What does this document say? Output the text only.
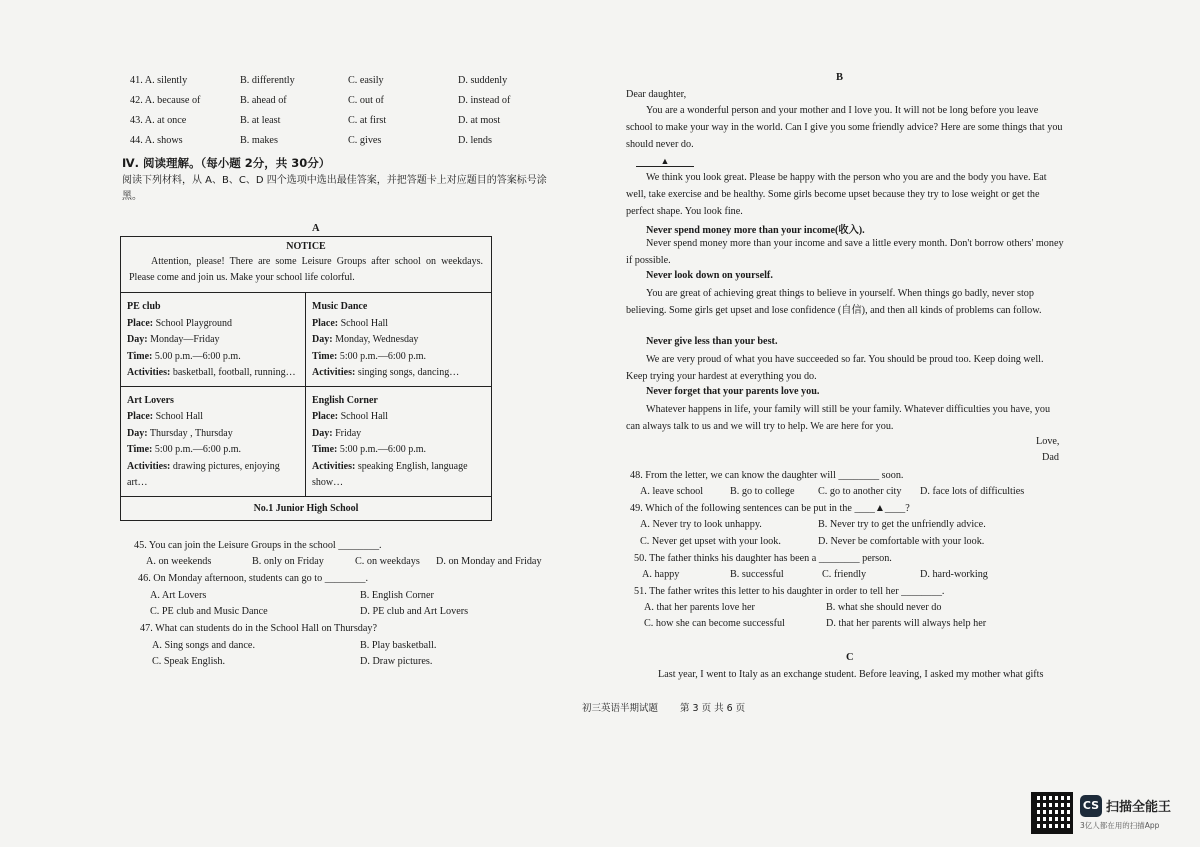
41. A. silently	B. differently	C. easily	D. suddenly
42. A. because of	B. ahead of	C. out of	D. instead of
43. A. at once	B. at least	C. at first	D. at most
44. A. shows	B. makes	C. gives	D. lends
Ⅳ. 阅读理解。（每小题 2分，共 30分）
阅读下列材料，从 A、B、C、D 四个选项中选出最佳答案，并把答题卡上对应题目的答案标号涂黑。
A
NOTICE
Attention, please! There are some Leisure Groups after school on weekdays. Please come and join us. Make your school life colorful.
PE club
Place: School Playground
Day: Monday—Friday
Time: 5.00 p.m.—6:00 p.m.
Activities: basketball, football, running…
Music Dance
Place: School Hall
Day: Monday, Wednesday
Time: 5:00 p.m.—6:00 p.m.
Activities: singing songs, dancing…
Art Lovers
Place: School Hall
Day: Thursday , Thursday
Time: 5:00 p.m.—6:00 p.m.
Activities: drawing pictures, enjoying art…
English Corner
Place: School Hall
Day: Friday
Time: 5:00 p.m.—6:00 p.m.
Activities: speaking English, language show…
No.1 Junior High School
45. You can join the Leisure Groups in the school ________.
A. on weekends	B. only on Friday	C. on weekdays D. on Monday and Friday
46. On Monday afternoon, students can go to ________.
A. Art Lovers	B. English Corner
C. PE club and Music Dance	D. PE club and Art Lovers
47. What can students do in the School Hall on Thursday?
A. Sing songs and dance.	B. Play basketball.
C. Speak English.	D. Draw pictures.
B
Dear daughter,
You are a wonderful person and your mother and I love you. It will not be long before you leave school to make your way in the world. Can I give you some friendly advice? Here are some things that you should never do.
▲
We think you look great. Please be happy with the person who you are and the body you have. Eat well, take exercise and be healthy. Some girls become upset because they try to lose weight or get the perfect shape. You look fine.
Never spend money more than your income(收入).
Never spend money more than your income and save a little every month. Don't borrow others' money if possible.
Never look down on yourself.
You are great of achieving great things to believe in yourself. When things go badly, never stop believing. Some girls get upset and lose confidence (自信), and then all kinds of problems can follow.
Never give less than your best.
We are very proud of what you have succeeded so far. You should be proud too. Keep doing well. Keep trying your hardest at everything you do.
Never forget that your parents love you.
Whatever happens in life, your family will still be your family. Whatever difficulties you have, you can always talk to us and we will try to help. We are here for you.
Love,
Dad
48. From the letter, we can know the daughter will ________ soon.
A. leave school	B. go to college C. go to another city D. face lots of difficulties
49. Which of the following sentences can be put in the ____▲____?
A. Never try to look unhappy.	B. Never try to get the unfriendly advice.
C. Never get upset with your look.	D. Never be comfortable with your look.
50. The father thinks his daughter has been a ________ person.
A. happy	B. successful	C. friendly	D. hard-working
51. The father writes this letter to his daughter in order to tell her ________.
A. that her parents love her	B. what she should never do
C. how she can become successful	D. that her parents will always help her
C
Last year, I went to Italy as an exchange student. Before leaving, I asked my mother what gifts
初三英语半期试题 第 3 页 共 6 页
CS 扫描全能王
3亿人都在用的扫描App
